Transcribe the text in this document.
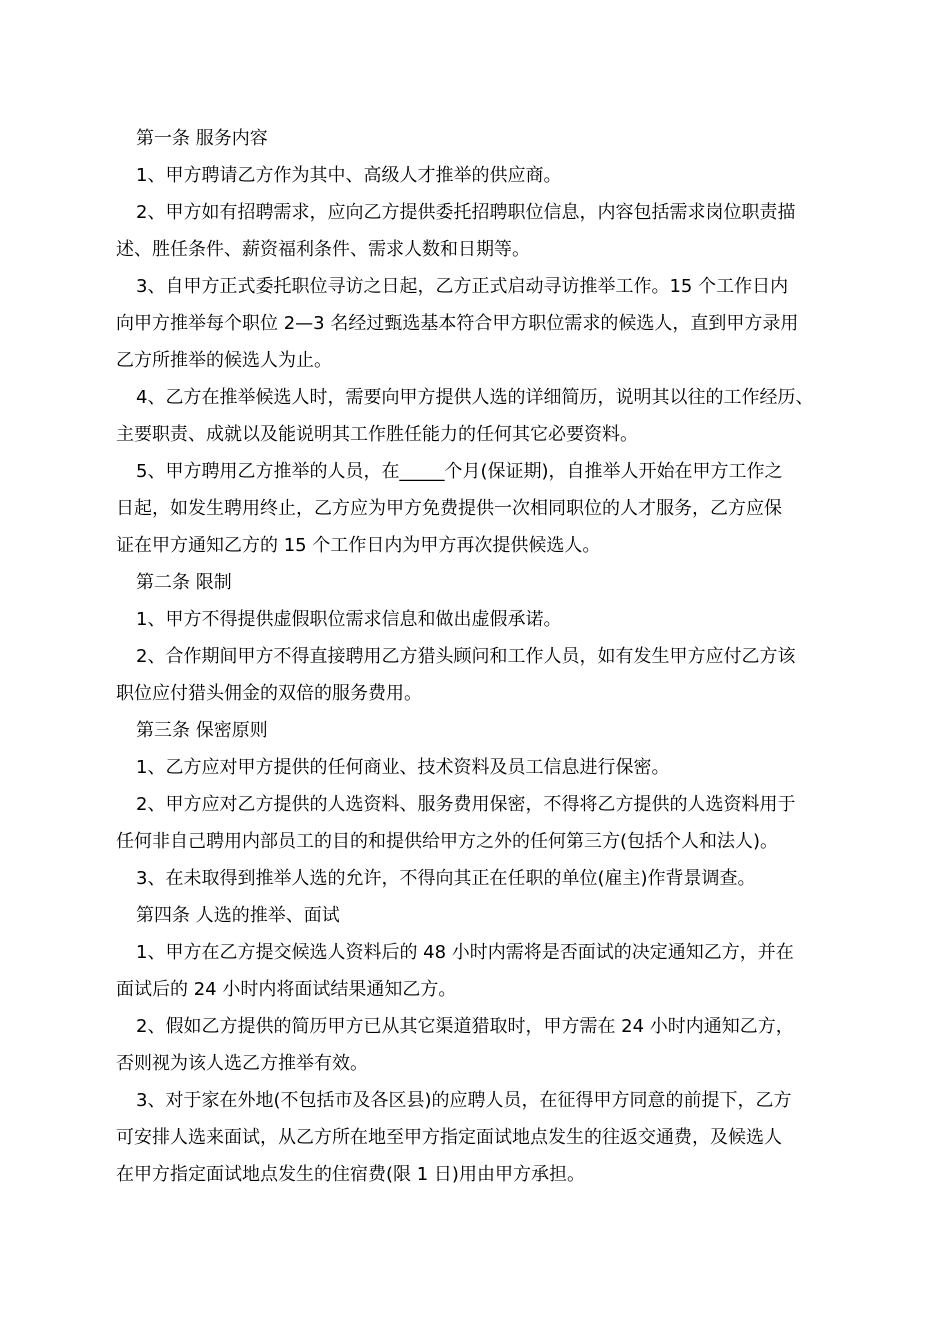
第一条 服务内容
1、甲方聘请乙方作为其中、高级人才推举的供应商。
2、甲方如有招聘需求，应向乙方提供委托招聘职位信息，内容包括需求岗位职责描
述、胜任条件、薪资福利条件、需求人数和日期等。
3、自甲方正式委托职位寻访之日起，乙方正式启动寻访推举工作。15 个工作日内
向甲方推举每个职位 2—3 名经过甄选基本符合甲方职位需求的候选人，直到甲方录用
乙方所推举的候选人为止。
4、乙方在推举候选人时，需要向甲方提供人选的详细简历，说明其以往的工作经历、
主要职责、成就以及能说明其工作胜任能力的任何其它必要资料。
5、甲方聘用乙方推举的人员，在_____个月(保证期)，自推举人开始在甲方工作之
日起，如发生聘用终止，乙方应为甲方免费提供一次相同职位的人才服务，乙方应保
证在甲方通知乙方的 15 个工作日内为甲方再次提供候选人。
第二条 限制
1、甲方不得提供虚假职位需求信息和做出虚假承诺。
2、合作期间甲方不得直接聘用乙方猎头顾问和工作人员，如有发生甲方应付乙方该
职位应付猎头佣金的双倍的服务费用。
第三条 保密原则
1、乙方应对甲方提供的任何商业、技术资料及员工信息进行保密。
2、甲方应对乙方提供的人选资料、服务费用保密，不得将乙方提供的人选资料用于
任何非自己聘用内部员工的目的和提供给甲方之外的任何第三方(包括个人和法人)。
3、在未取得到推举人选的允许，不得向其正在任职的单位(雇主)作背景调查。
第四条 人选的推举、面试
1、甲方在乙方提交候选人资料后的 48 小时内需将是否面试的决定通知乙方，并在
面试后的 24 小时内将面试结果通知乙方。
2、假如乙方提供的简历甲方已从其它渠道猎取时，甲方需在 24 小时内通知乙方，
否则视为该人选乙方推举有效。
3、对于家在外地(不包括市及各区县)的应聘人员，在征得甲方同意的前提下，乙方
可安排人选来面试，从乙方所在地至甲方指定面试地点发生的往返交通费，及候选人
在甲方指定面试地点发生的住宿费(限 1 日)用由甲方承担。
